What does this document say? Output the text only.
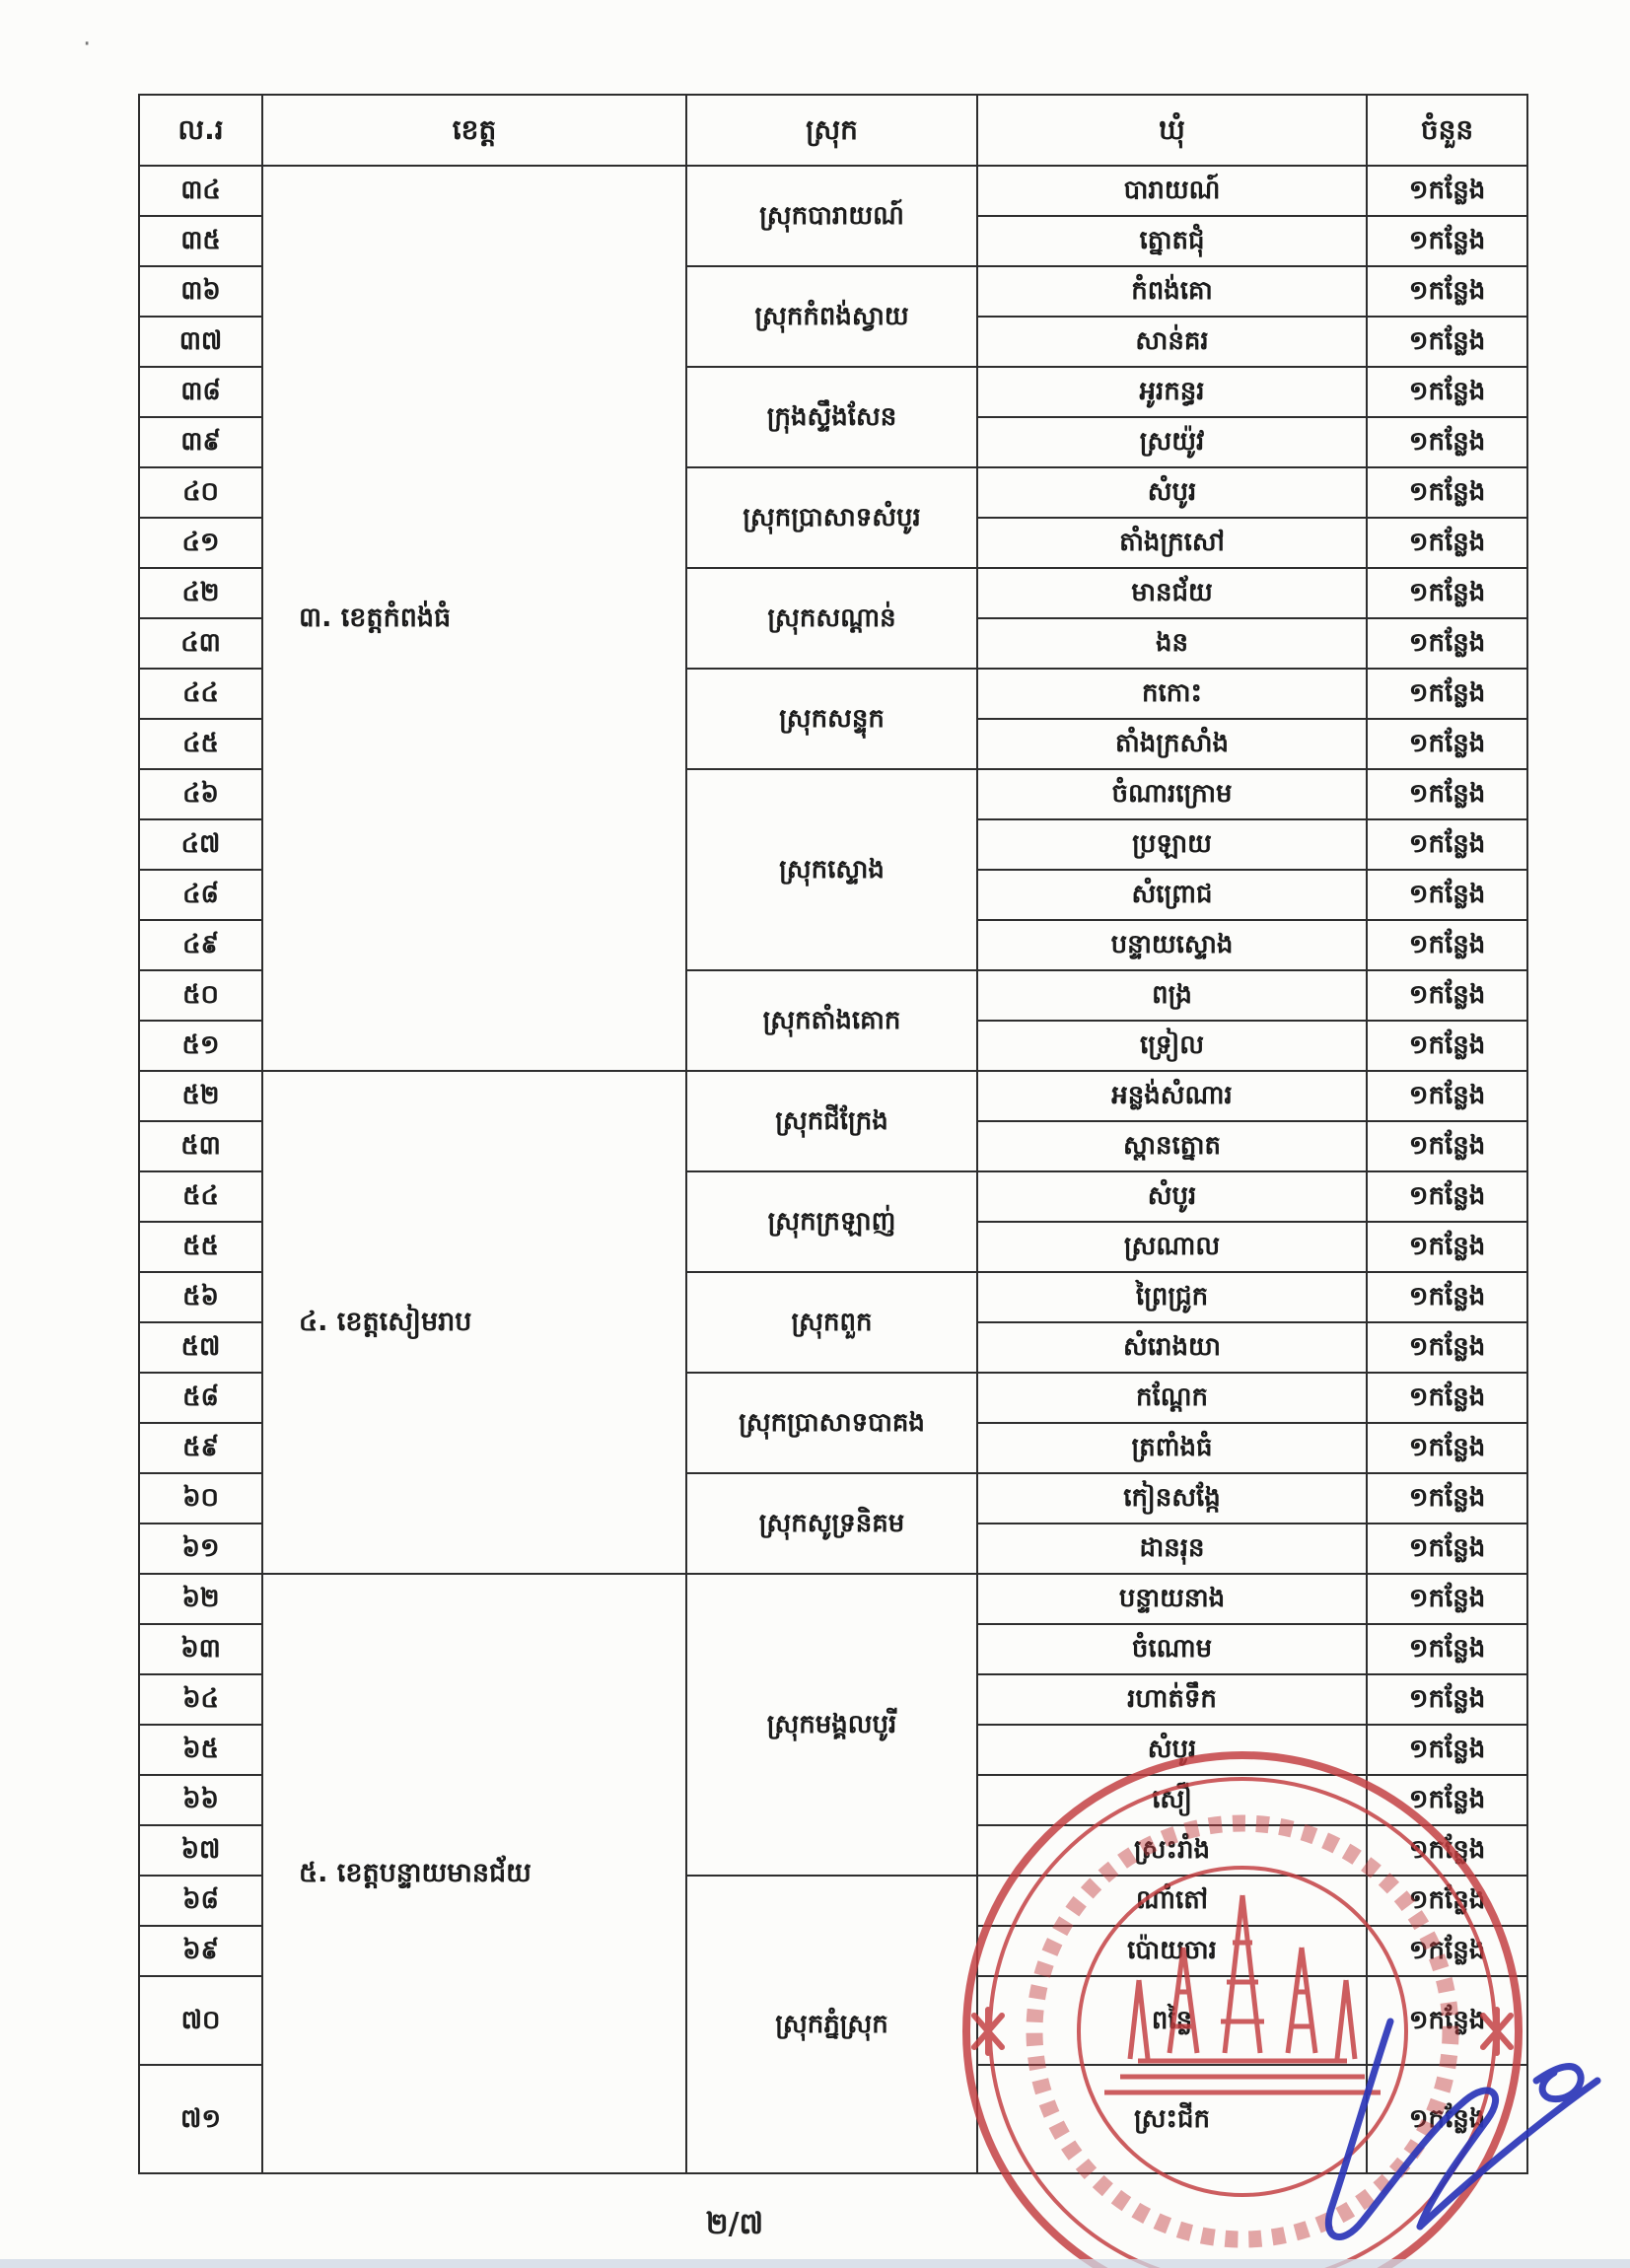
·
ល.រ	ខេត្ត	ស្រុក	ឃុំ	ចំនួន
៣៤	៣. ខេត្តកំពង់ធំ	ស្រុកបារាយណ៍	បារាយណ៍	១កន្លែង
៣៥			ត្នោតជុំ	១កន្លែង
៣៦		ស្រុកកំពង់ស្វាយ	កំពង់គោ	១កន្លែង
៣៧			សាន់គរ	១កន្លែង
៣៨		ក្រុងស្ទឹងសែន	អូរកន្ធរ	១កន្លែង
៣៩			ស្រយ៉ូវ	១កន្លែង
៤០		ស្រុកប្រាសាទសំបូរ	សំបូរ	១កន្លែង
៤១			តាំងក្រសៅ	១កន្លែង
៤២		ស្រុកសណ្ដាន់	មានជ័យ	១កន្លែង
៤៣			ងន	១កន្លែង
៤៤		ស្រុកសន្ទុក	កកោះ	១កន្លែង
៤៥			តាំងក្រសាំង	១កន្លែង
៤៦		ស្រុកស្ទោង	ចំណារក្រោម	១កន្លែង
៤៧			ប្រឡាយ	១កន្លែង
៤៨			សំព្រោជ	១កន្លែង
៤៩			បន្ទាយស្ទោង	១កន្លែង
៥០		ស្រុកតាំងគោក	ពង្រ	១កន្លែង
៥១			ទ្រៀល	១កន្លែង
៥២	៤. ខេត្តសៀមរាប	ស្រុកជីក្រែង	អន្លង់សំណារ	១កន្លែង
៥៣			ស្ពានត្នោត	១កន្លែង
៥៤		ស្រុកក្រឡាញ់	សំបូរ	១កន្លែង
៥៥			ស្រណាល	១កន្លែង
៥៦		ស្រុកពួក	ព្រៃជ្រូក	១កន្លែង
៥៧			សំរោងយា	១កន្លែង
៥៨		ស្រុកប្រាសាទបាគង	កណ្ដែក	១កន្លែង
៥៩			ត្រពាំងធំ	១កន្លែង
៦០		ស្រុកសូទ្រនិគម	កៀនសង្កែ	១កន្លែង
៦១			ដានរុន	១កន្លែង
៦២	៥. ខេត្តបន្ទាយមានជ័យ	ស្រុកមង្គលបូរី	បន្ទាយនាង	១កន្លែង
៦៣			ចំណោម	១កន្លែង
៦៤			រហាត់ទឹក	១កន្លែង
៦៥			សំបូរ	១កន្លែង
៦៦			សឿ	១កន្លែង
៦៧			ស្រះរាំង	១កន្លែង
៦៨		ស្រុកភ្នំស្រុក	ណាំតៅ	១កន្លែង
៦៩			ប៉ោយចារ	១កន្លែង
៧០			ពន្លៃ	១កន្លែង
៧១			ស្រះជីក	១កន្លែង
២/៧
